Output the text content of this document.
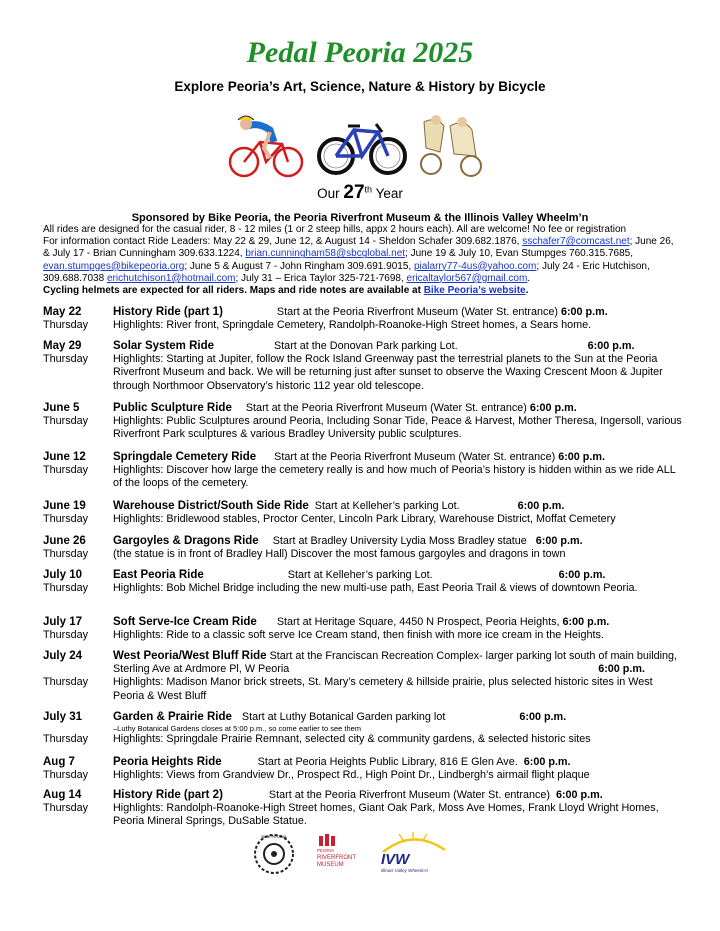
Pedal Peoria 2025
Explore Peoria’s Art, Science, Nature & History by Bicycle
Our 27th Year
Sponsored by Bike Peoria, the Peoria Riverfront Museum & the Illinois Valley Wheelm’n
All rides are designed for the casual rider, 8 - 12 miles (1 or 2 steep hills, appx 2 hours each). All are welcome! No fee or registration
For information contact Ride Leaders: May 22 & 29, June 12, & August 14 - Sheldon Schafer 309.682.1876, sschafer7@comcast.net; June 26, & July 17 - Brian Cunningham 309.633.1224, brian.cunningham58@sbcglobal.net; June 19 & July 10, Evan Stumpges 760.315.7685, evan.stumpges@bikepeoria.org; June 5 & August 7 - John Ringham 309.691.9015, pialarry77-4us@yahoo.com; July 24 - Eric Hutchison, 309.688.7038 erichutchison1@hotmail.com; July 31 – Erica Taylor 325-721-7698, ericaltaylor567@gmail.com.
Cycling helmets are expected for all riders. Maps and ride notes are available at Bike Peoria’s website.
May 22	History Ride (part 1)	Start at the Peoria Riverfront Museum (Water St. entrance) 6:00 p.m.
Thursday	Highlights: River front, Springdale Cemetery, Randolph-Roanoke-High Street homes, a Sears home.
May 29	Solar System Ride	Start at the Donovan Park parking Lot.	6:00 p.m.
Thursday	Highlights: Starting at Jupiter, follow the Rock Island Greenway past the terrestrial planets to the Sun at the Peoria Riverfront Museum and back. We will be returning just after sunset to observe the Waxing Crescent Moon & Jupiter through Northmoor Observatory’s historic 112 year old telescope.
June 5	Public Sculpture Ride Start at the Peoria Riverfront Museum (Water St. entrance) 6:00 p.m.
Thursday	Highlights: Public Sculptures around Peoria, Including Sonar Tide, Peace & Harvest, Mother Theresa, Ingersoll, various Riverfront Park sculptures & various Bradley University public sculptures.
June 12	Springdale Cemetery Ride Start at the Peoria Riverfront Museum (Water St. entrance) 6:00 p.m.
Thursday	Highlights: Discover how large the cemetery really is and how much of Peoria’s history is hidden within as we ride ALL of the loops of the cemetery.
June 19	Warehouse District/South Side Ride Start at Kelleher’s parking Lot.	6:00 p.m.
Thursday	Highlights: Bridlewood stables, Proctor Center, Lincoln Park Library, Warehouse District, Moffat Cemetery
June 26	Gargoyles & Dragons Ride Start at Bradley University Lydia Moss Bradley statue 6:00 p.m.
Thursday	(the statue is in front of Bradley Hall) Discover the most famous gargoyles and dragons in town
July 10	East Peoria Ride	Start at Kelleher’s parking Lot.	6:00 p.m.
Thursday	Highlights: Bob Michel Bridge including the new multi-use path, East Peoria Trail & views of downtown Peoria.
July 17	Soft Serve-Ice Cream Ride Start at Heritage Square, 4450 N Prospect, Peoria Heights, 6:00 p.m.
Thursday	Highlights: Ride to a classic soft serve Ice Cream stand, then finish with more ice cream in the Heights.
July 24	West Peoria/West Bluff Ride Start at the Franciscan Recreation Complex- larger parking lot south of main building, Sterling Ave at Ardmore Pl, W Peoria	6:00 p.m.
Thursday	Highlights: Madison Manor brick streets, St. Mary’s cemetery & hillside prairie, plus selected historic sites in West Peoria & West Bluff
July 31	Garden & Prairie Ride Start at Luthy Botanical Garden parking lot	6:00 p.m.
–Luthy Botanical Gardens closes at 5:00 p.m., so come earlier to see them
Thursday	Highlights: Springdale Prairie Remnant, selected city & community gardens, & selected historic sites
Aug 7	Peoria Heights Ride	Start at Peoria Heights Public Library, 816 E Glen Ave. 6:00 p.m.
Thursday	Highlights: Views from Grandview Dr., Prospect Rd., High Point Dr., Lindbergh’s airmail flight plaque
Aug 14	History Ride (part 2)	Start at the Peoria Riverfront Museum (Water St. entrance) 6:00 p.m.
Thursday	Highlights: Randolph-Roanoke-High Street homes, Giant Oak Park, Moss Ave Homes, Frank Lloyd Wright Homes, Peoria Mineral Springs, DuSable Statue.
BIKE PEORIA
PEORIA
RIVERFRONT
MUSEUM IVW
Illinois Valley Wheelm'n
